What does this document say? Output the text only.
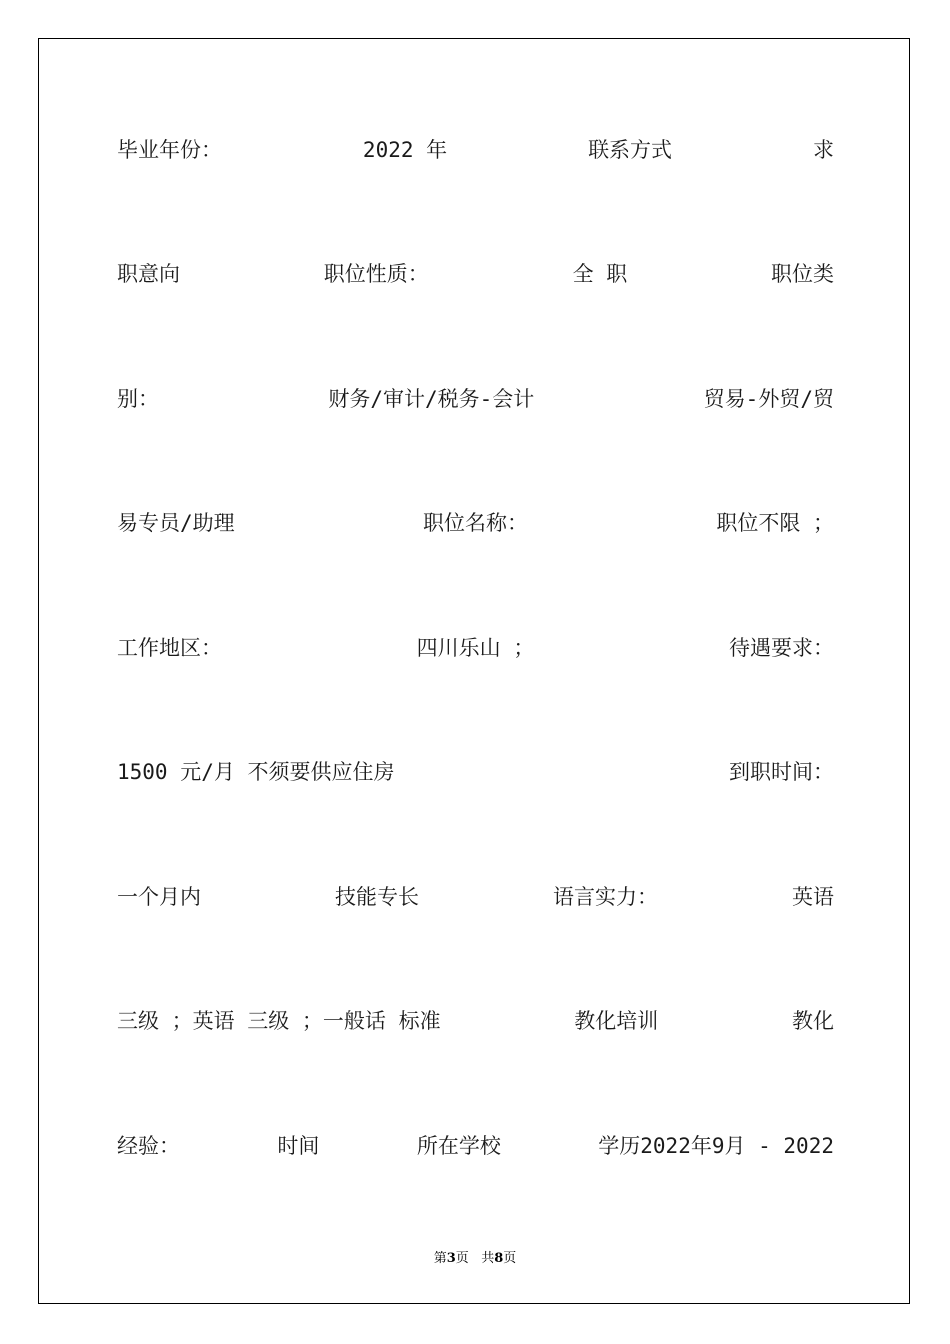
毕业年份：	2022 年	联系方式	求
职意向	职位性质：	全 职	职位类
别：	财务/审计/税务-会计	贸易-外贸/贸
易专员/助理	职位名称：	职位不限 ；
工作地区：	四川乐山 ；	待遇要求：
1500 元/月 不须要供应住房	到职时间：
一个月内	技能专长	语言实力：	英语
三级 ；英语 三级 ；一般话 标准	教化培训	教化
经验：	时间	所在学校	学历2022年9月 - 2022
第3页 共8页
